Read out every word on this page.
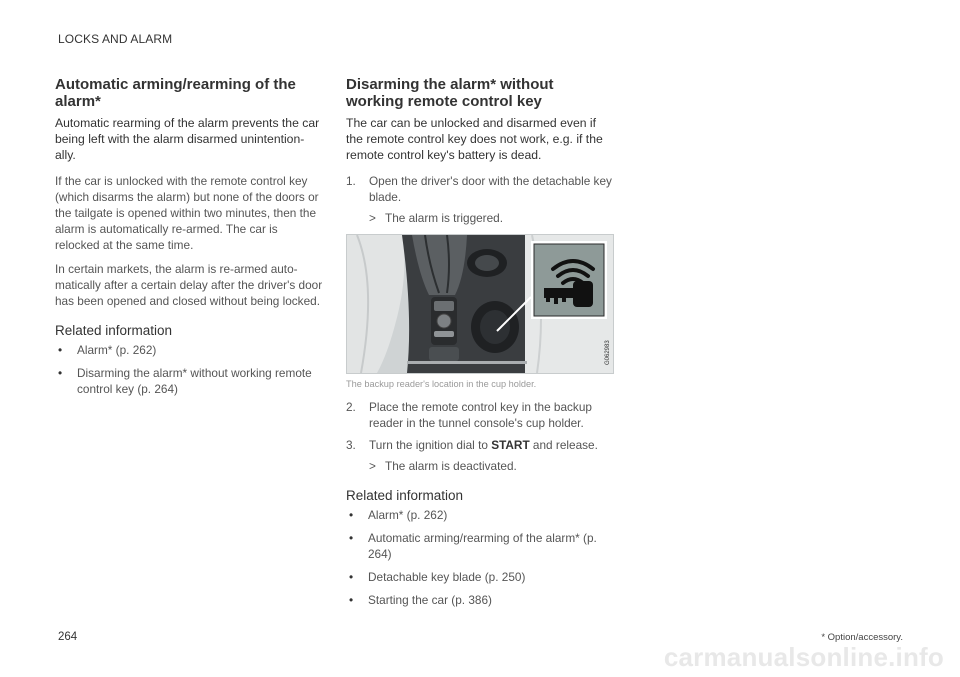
LOCKS AND ALARM
Automatic arming/rearming of the alarm*

Automatic rearming of the alarm prevents the car being left with the alarm disarmed unintention-ally.

If the car is unlocked with the remote control key (which disarms the alarm) but none of the doors or the tailgate is opened within two minutes, then the alarm is automatically re-armed. The car is relocked at the same time.

In certain markets, the alarm is re-armed auto-matically after a certain delay after the driver's door has been opened and closed without being locked.

Related information
• Alarm* (p. 262)
• Disarming the alarm* without working remote control key (p. 264)
Disarming the alarm* without working remote control key

The car can be unlocked and disarmed even if the remote control key does not work, e.g. if the remote control key's battery is dead.

1. Open the driver's door with the detachable key blade.
> The alarm is triggered.
G062983
The backup reader's location in the cup holder.
2. Place the remote control key in the backup reader in the tunnel console's cup holder.
3. Turn the ignition dial to START and release.
> The alarm is deactivated.
Related information
• Alarm* (p. 262)
• Automatic arming/rearming of the alarm* (p. 264)
• Detachable key blade (p. 250)
• Starting the car (p. 386)
264	* Option/accessory.
carmanualsonline.info
